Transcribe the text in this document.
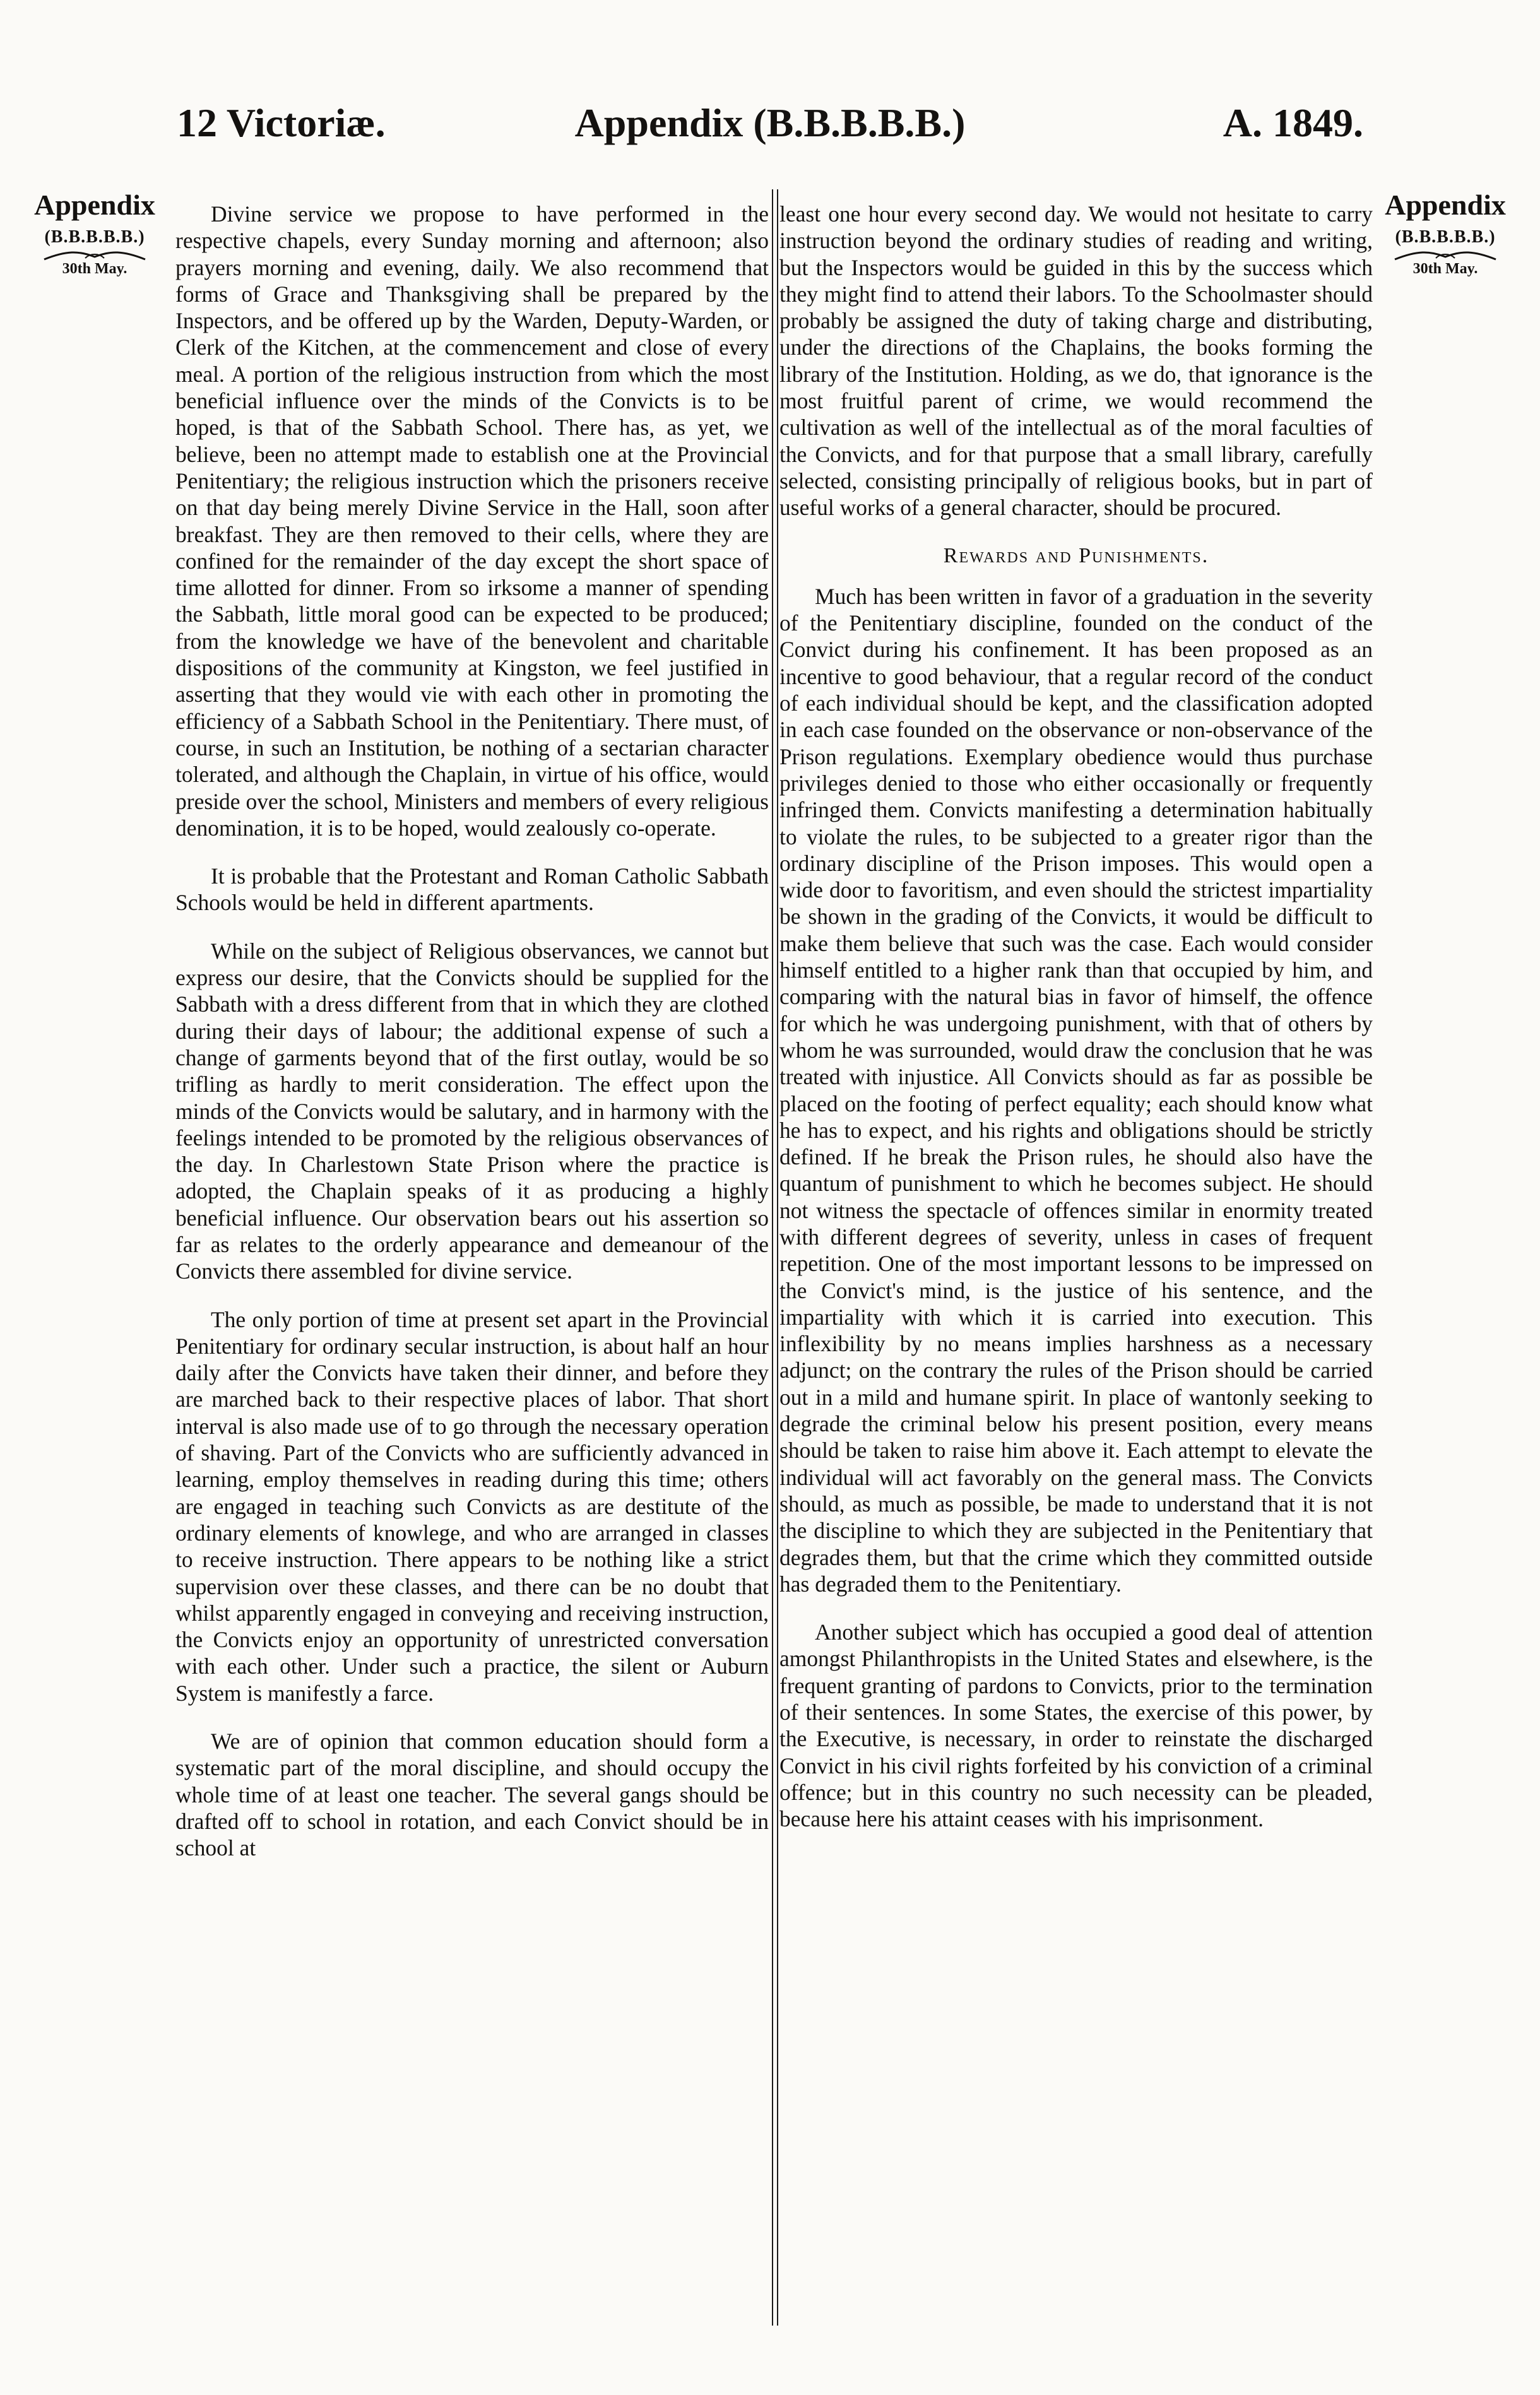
12 Victoriæ.	Appendix (B.B.B.B.B.)	A. 1849.
Appendix
(B.B.B.B.B.)
30th May.
Appendix
(B.B.B.B.B.)
30th May.

Divine service we propose to have performed in the respective chapels, every Sunday morning and afternoon; also prayers morning and evening, daily. We also recommend that forms of Grace and Thanksgiving shall be prepared by the Inspectors, and be offered up by the Warden, Deputy-Warden, or Clerk of the Kitchen, at the commencement and close of every meal. A portion of the religious instruction from which the most beneficial influence over the minds of the Convicts is to be hoped, is that of the Sabbath School. There has, as yet, we believe, been no attempt made to establish one at the Provincial Penitentiary; the religious instruction which the prisoners receive on that day being merely Divine Service in the Hall, soon after breakfast. They are then removed to their cells, where they are confined for the remainder of the day except the short space of time allotted for dinner. From so irksome a manner of spending the Sabbath, little moral good can be expected to be produced; from the knowledge we have of the benevolent and charitable dispositions of the community at Kingston, we feel justified in asserting that they would vie with each other in promoting the efficiency of a Sabbath School in the Penitentiary. There must, of course, in such an Institution, be nothing of a sectarian character tolerated, and although the Chaplain, in virtue of his office, would preside over the school, Ministers and members of every religious denomination, it is to be hoped, would zealously co-operate.

It is probable that the Protestant and Roman Catholic Sabbath Schools would be held in different apartments.

While on the subject of Religious observances, we cannot but express our desire, that the Convicts should be supplied for the Sabbath with a dress different from that in which they are clothed during their days of labour; the additional expense of such a change of garments beyond that of the first outlay, would be so trifling as hardly to merit consideration. The effect upon the minds of the Convicts would be salutary, and in harmony with the feelings intended to be promoted by the religious observances of the day. In Charlestown State Prison where the practice is adopted, the Chaplain speaks of it as producing a highly beneficial influence. Our observation bears out his assertion so far as relates to the orderly appearance and demeanour of the Convicts there assembled for divine service.

The only portion of time at present set apart in the Provincial Penitentiary for ordinary secular instruction, is about half an hour daily after the Convicts have taken their dinner, and before they are marched back to their respective places of labor. That short interval is also made use of to go through the necessary operation of shaving. Part of the Convicts who are sufficiently advanced in learning, employ themselves in reading during this time; others are engaged in teaching such Convicts as are destitute of the ordinary elements of knowlege, and who are arranged in classes to receive instruction. There appears to be nothing like a strict supervision over these classes, and there can be no doubt that whilst apparently engaged in conveying and receiving instruction, the Convicts enjoy an opportunity of unrestricted conversation with each other. Under such a practice, the silent or Auburn System is manifestly a farce.

We are of opinion that common education should form a systematic part of the moral discipline, and should occupy the whole time of at least one teacher. The several gangs should be drafted off to school in rotation, and each Convict should be in school at

least one hour every second day. We would not hesitate to carry instruction beyond the ordinary studies of reading and writing, but the Inspectors would be guided in this by the success which they might find to attend their labors. To the Schoolmaster should probably be assigned the duty of taking charge and distributing, under the directions of the Chaplains, the books forming the library of the Institution. Holding, as we do, that ignorance is the most fruitful parent of crime, we would recommend the cultivation as well of the intellectual as of the moral faculties of the Convicts, and for that purpose that a small library, carefully selected, consisting principally of religious books, but in part of useful works of a general character, should be procured.

Rewards and Punishments.

Much has been written in favor of a graduation in the severity of the Penitentiary discipline, founded on the conduct of the Convict during his confinement. It has been proposed as an incentive to good behaviour, that a regular record of the conduct of each individual should be kept, and the classification adopted in each case founded on the observance or non-observance of the Prison regulations. Exemplary obedience would thus purchase privileges denied to those who either occasionally or frequently infringed them. Convicts manifesting a determination habitually to violate the rules, to be subjected to a greater rigor than the ordinary discipline of the Prison imposes. This would open a wide door to favoritism, and even should the strictest impartiality be shown in the grading of the Convicts, it would be difficult to make them believe that such was the case. Each would consider himself entitled to a higher rank than that occupied by him, and comparing with the natural bias in favor of himself, the offence for which he was undergoing punishment, with that of others by whom he was surrounded, would draw the conclusion that he was treated with injustice. All Convicts should as far as possible be placed on the footing of perfect equality; each should know what he has to expect, and his rights and obligations should be strictly defined. If he break the Prison rules, he should also have the quantum of punishment to which he becomes subject. He should not witness the spectacle of offences similar in enormity treated with different degrees of severity, unless in cases of frequent repetition. One of the most important lessons to be impressed on the Convict's mind, is the justice of his sentence, and the impartiality with which it is carried into execution. This inflexibility by no means implies harshness as a necessary adjunct; on the contrary the rules of the Prison should be carried out in a mild and humane spirit. In place of wantonly seeking to degrade the criminal below his present position, every means should be taken to raise him above it. Each attempt to elevate the individual will act favorably on the general mass. The Convicts should, as much as possible, be made to understand that it is not the discipline to which they are subjected in the Penitentiary that degrades them, but that the crime which they committed outside has degraded them to the Penitentiary.

Another subject which has occupied a good deal of attention amongst Philanthropists in the United States and elsewhere, is the frequent granting of pardons to Convicts, prior to the termination of their sentences. In some States, the exercise of this power, by the Executive, is necessary, in order to reinstate the discharged Convict in his civil rights forfeited by his conviction of a criminal offence; but in this country no such necessity can be pleaded, because here his attaint ceases with his imprisonment.
